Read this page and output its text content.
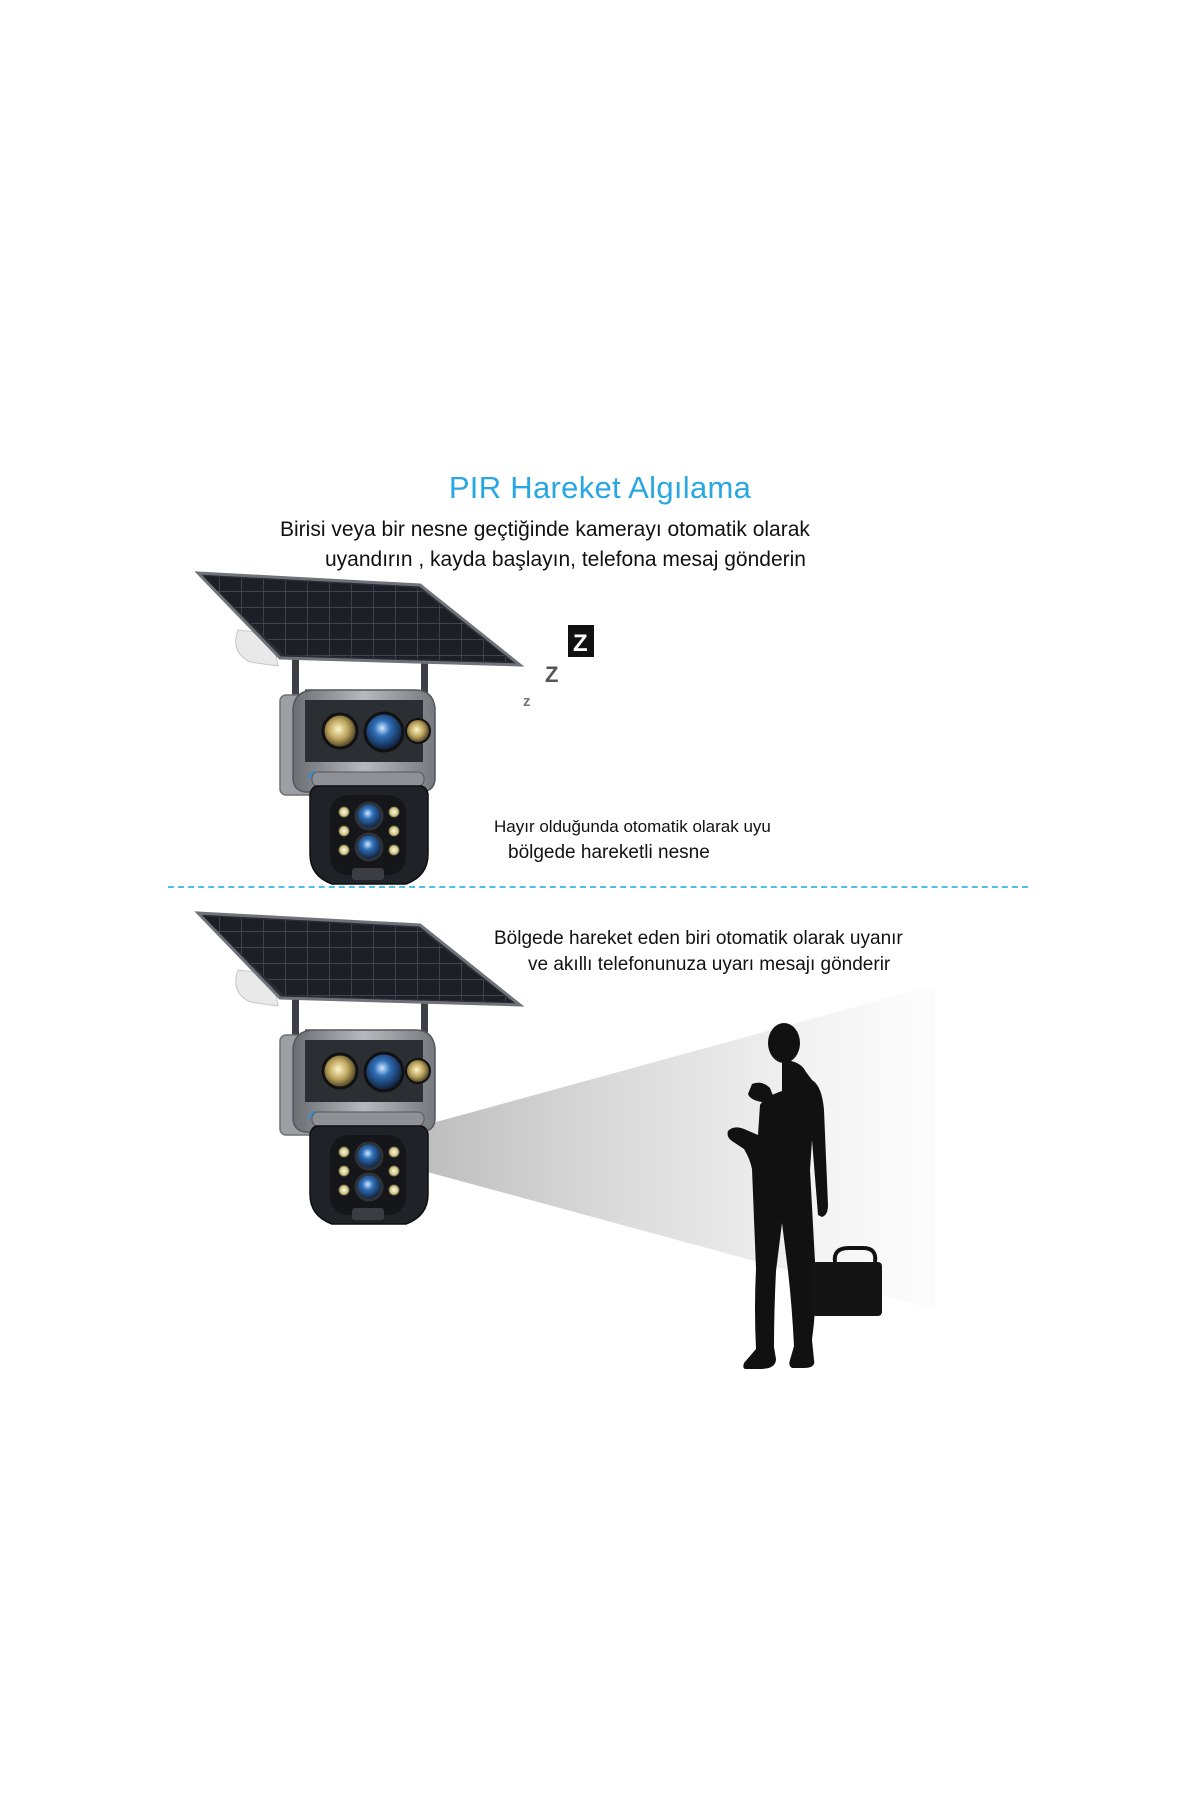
PIR Hareket Algılama
Birisi veya bir nesne geçtiğinde kamerayı otomatik olarak
uyandırın , kayda başlayın, telefona mesaj gönderin
Hayır olduğunda otomatik olarak uyu
bölgede hareketli nesne
Bölgede hareket eden biri otomatik olarak uyanır
ve akıllı telefonunuza uyarı mesajı gönderir
z
Z
Z
